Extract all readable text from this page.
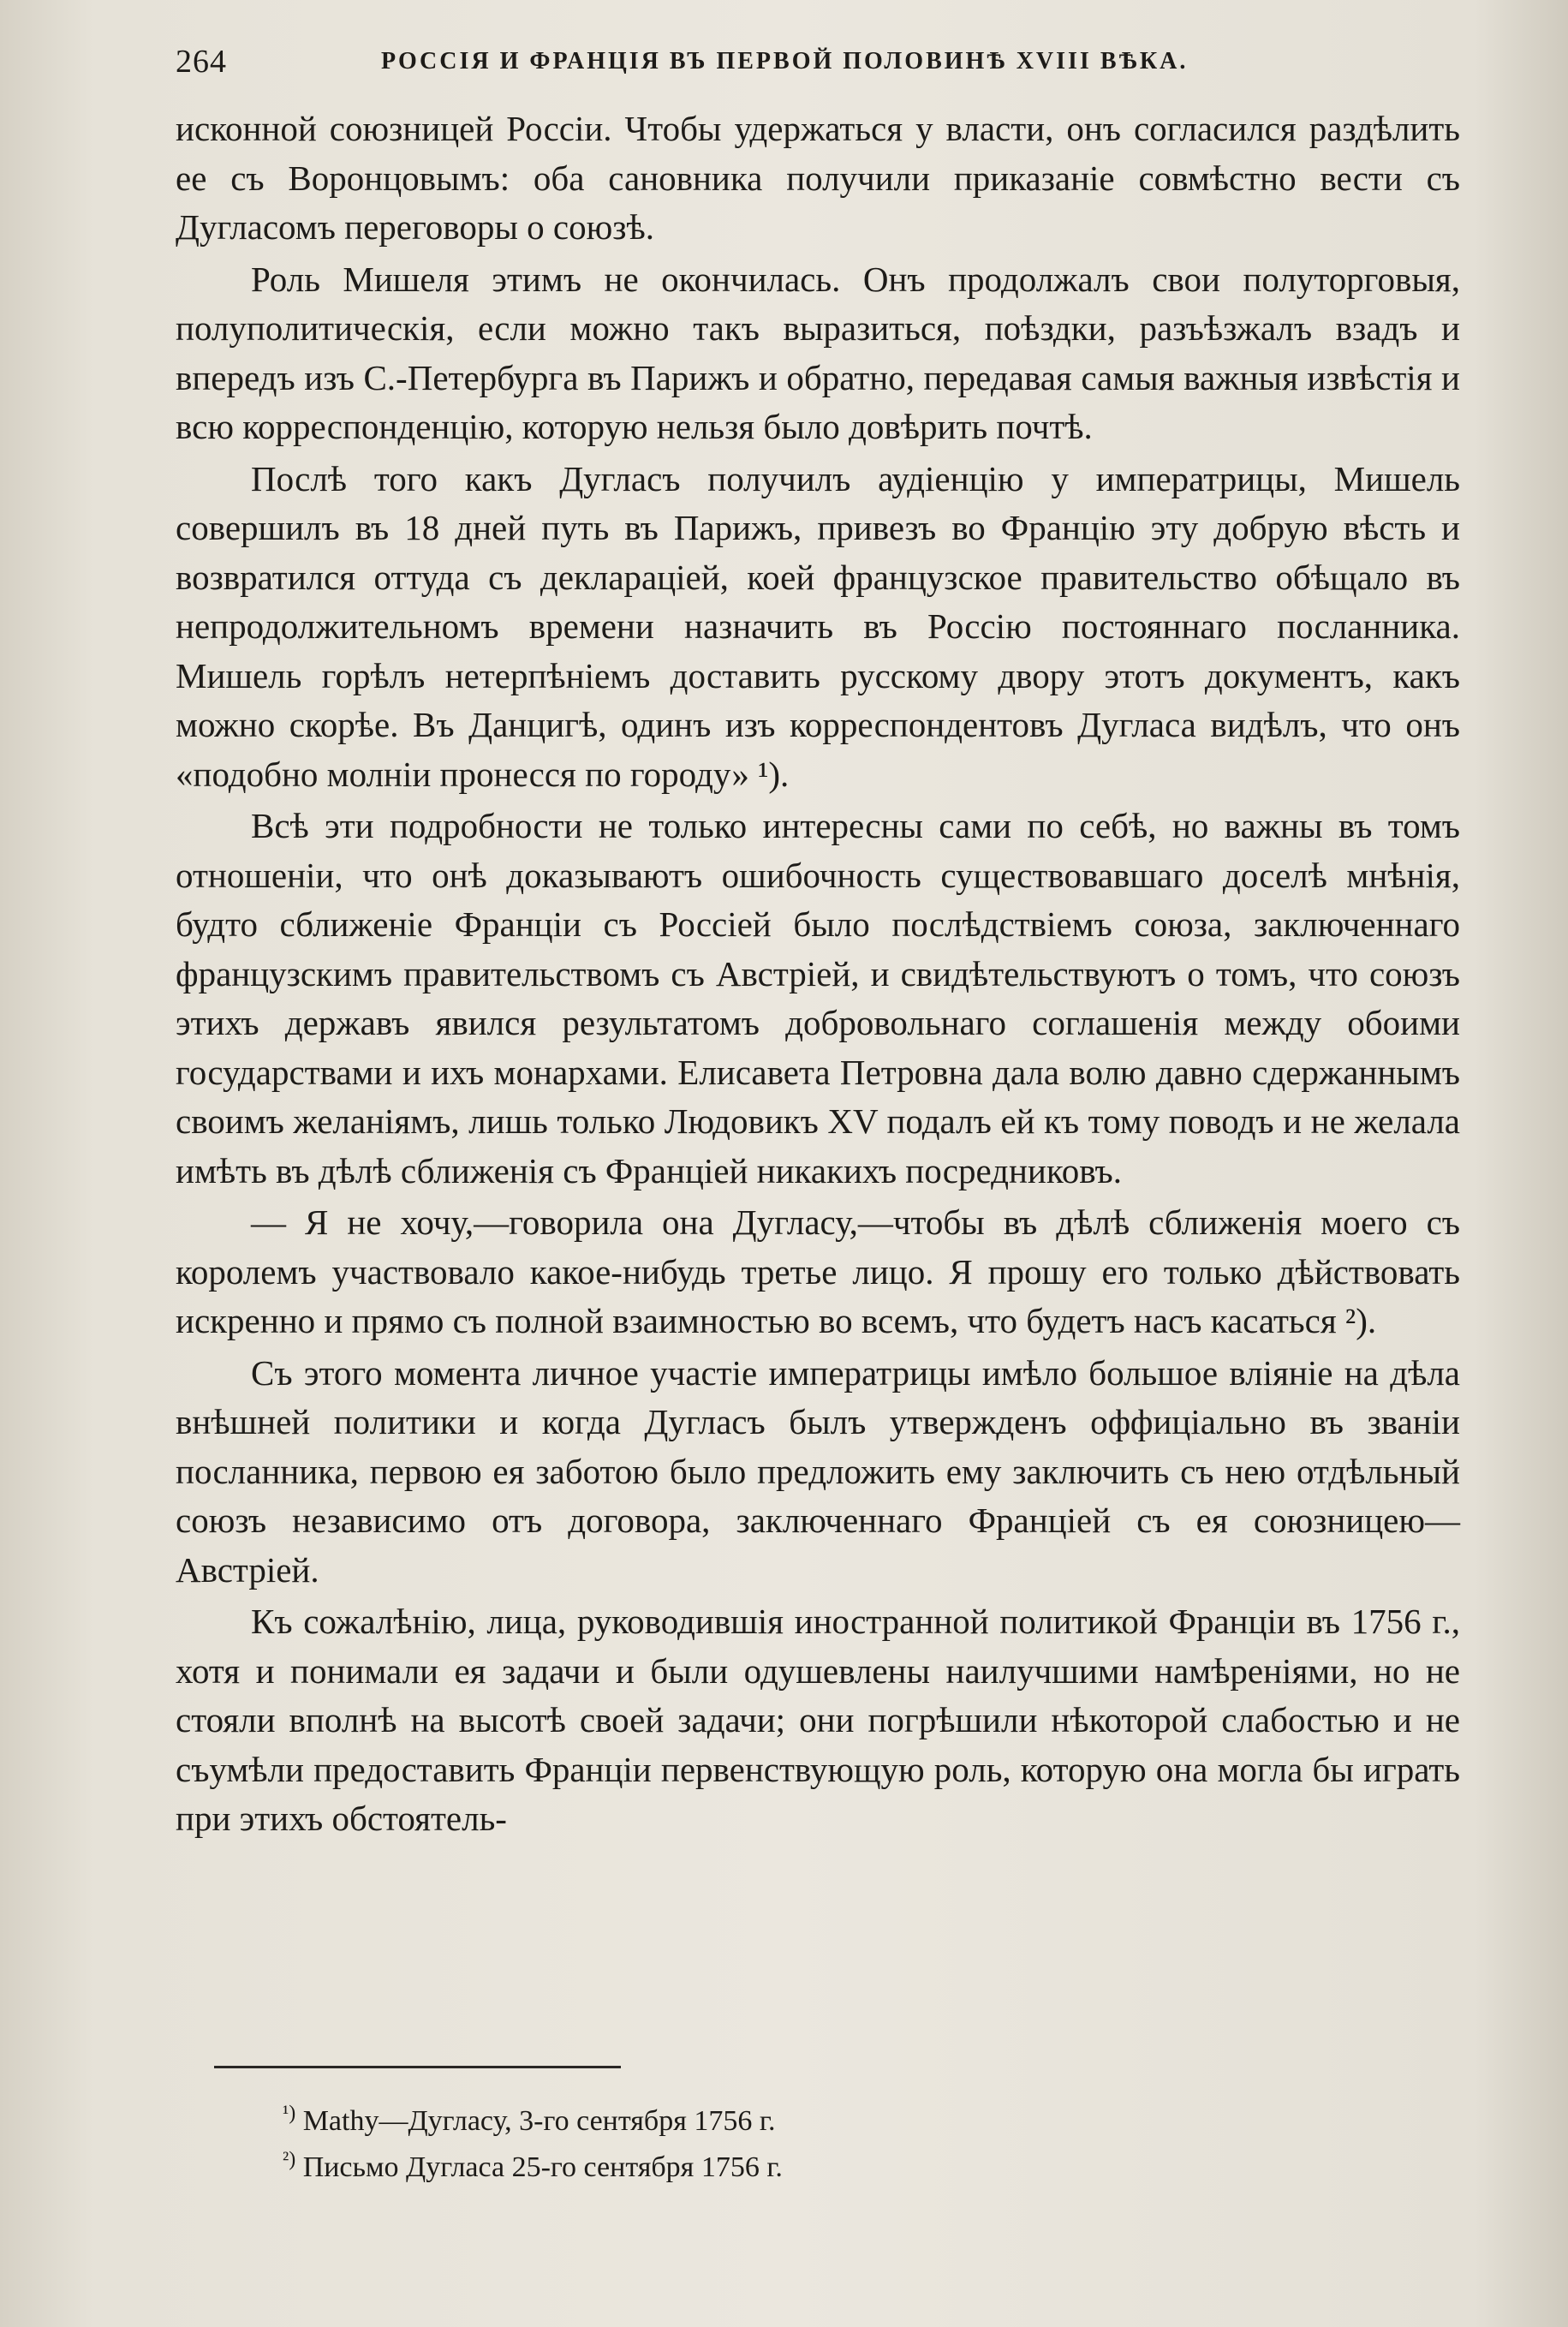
264	РОССІЯ И ФРАНЦІЯ ВЪ ПЕРВОЙ ПОЛОВИНѢ XVIII ВѢКА.

исконной союзницей Россіи. Чтобы удержаться у власти, онъ согласился раздѣлить ее съ Воронцовымъ: оба сановника получили приказаніе совмѣстно вести съ Дугласомъ переговоры о союзѣ.

Роль Мишеля этимъ не окончилась. Онъ продолжалъ свои полуторговыя, полуполитическія, если можно такъ выразиться, поѣздки, разъѣзжалъ взадъ и впередъ изъ С.-Петербурга въ Парижъ и обратно, передавая самыя важныя извѣстія и всю корреспонденцію, которую нельзя было довѣрить почтѣ.

Послѣ того какъ Дугласъ получилъ аудіенцію у императрицы, Мишель совершилъ въ 18 дней путь въ Парижъ, привезъ во Францію эту добрую вѣсть и возвратился оттуда съ декларацiей, коей французское правительство обѣщало въ непродолжительномъ времени назначить въ Россію постояннаго посланника. Мишель горѣлъ нетерпѣніемъ доставить русскому двору этотъ документъ, какъ можно скорѣе. Въ Данцигѣ, одинъ изъ корреспондентовъ Дугласа видѣлъ, что онъ «подобно молніи пронесся по городу» ¹).

Всѣ эти подробности не только интересны сами по себѣ, но важны въ томъ отношеніи, что онѣ доказываютъ ошибочность существовавшаго доселѣ мнѣнія, будто сближеніе Франціи съ Россіей было послѣдствіемъ союза, заключеннаго французскимъ правительствомъ съ Австріей, и свидѣтельствуютъ о томъ, что союзъ этихъ державъ явился результатомъ добровольнаго соглашенія между обоими государствами и ихъ монархами. Елисавета Петровна дала волю давно сдержаннымъ своимъ желаніямъ, лишь только Людовикъ XV подалъ ей къ тому поводъ и не желала имѣть въ дѣлѣ сближенія съ Франціей никакихъ посредниковъ.

— Я не хочу,—говорила она Дугласу,—чтобы въ дѣлѣ сближенія моего съ королемъ участвовало какое-нибудь третье лицо. Я прошу его только дѣйствовать искренно и прямо съ полной взаимностью во всемъ, что будетъ насъ касаться ²).

Съ этого момента личное участіе императрицы имѣло большое вліяніе на дѣла внѣшней политики и когда Дугласъ былъ утвержденъ оффиціально въ званіи посланника, первою ея заботою было предложить ему заключить съ нею отдѣльный союзъ независимо отъ договора, заключеннаго Франціей съ ея союзницею—Австріей.

Къ сожалѣнію, лица, руководившія иностранной политикой Франціи въ 1756 г., хотя и понимали ея задачи и были одушевлены наилучшими намѣреніями, но не стояли вполнѣ на высотѣ своей задачи; они погрѣшили нѣкоторой слабостью и не съумѣли предоставить Франціи первенствующую роль, которую она могла бы играть при этихъ обстоятель-

$^{^1)}$ Mathy—Дугласу, 3-го сентября 1756 г.
$^{^2)}$ Письмо Дугласа 25-го сентября 1756 г.
